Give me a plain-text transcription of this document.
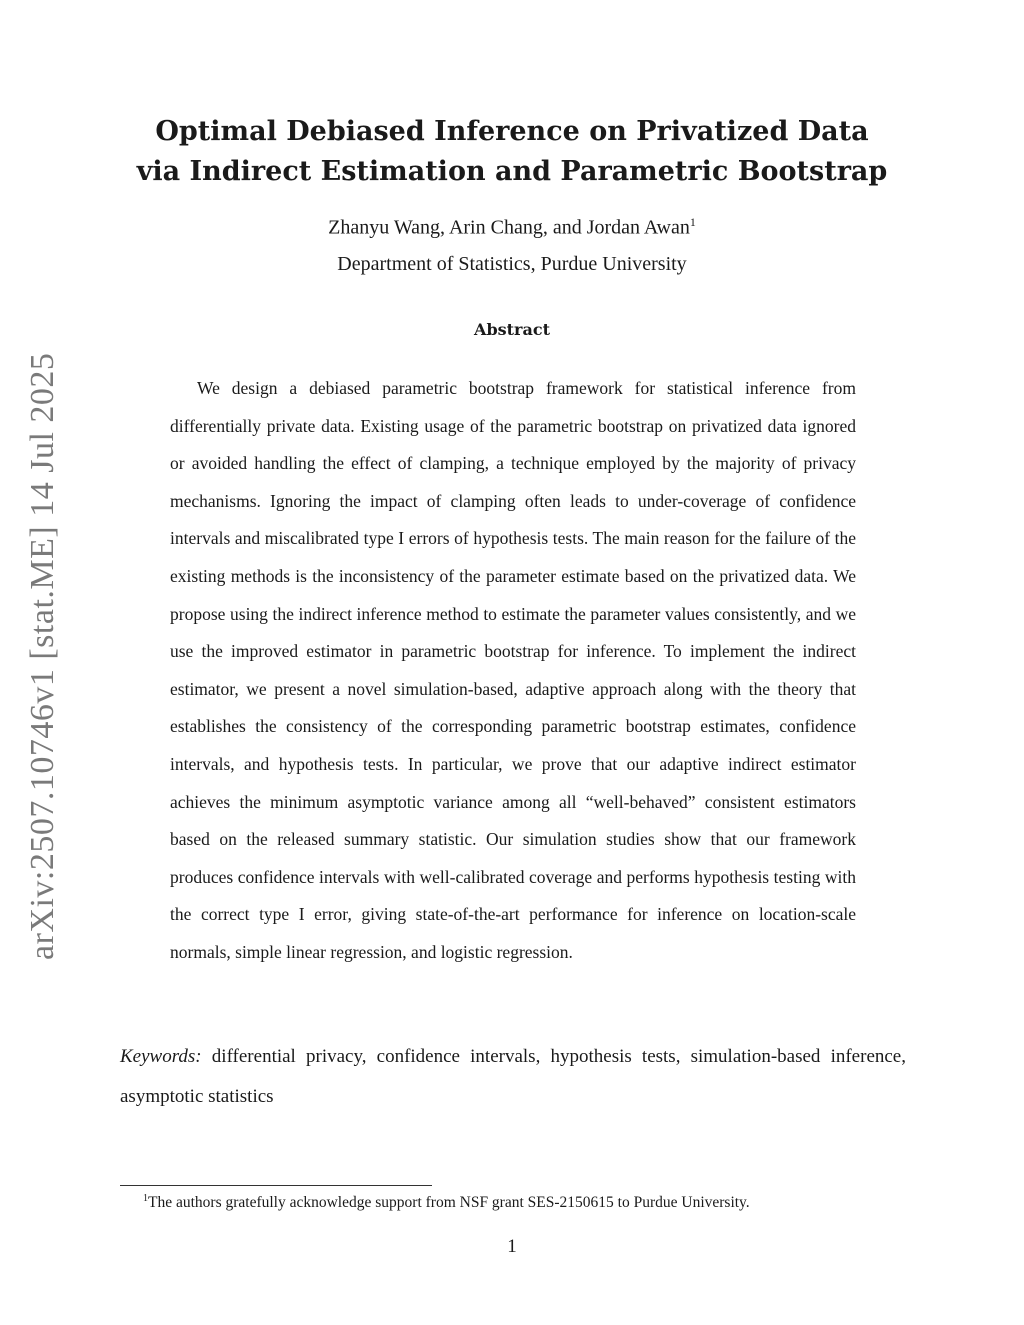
arXiv:2507.10746v1 [stat.ME] 14 Jul 2025
Optimal Debiased Inference on Privatized Data
via Indirect Estimation and Parametric Bootstrap
Zhanyu Wang, Arin Chang, and Jordan Awan$^1$
Department of Statistics, Purdue University
Abstract
We design a debiased parametric bootstrap framework for statistical inference from differentially private data. Existing usage of the parametric bootstrap on privatized data ignored or avoided handling the effect of clamping, a technique employed by the majority of privacy mechanisms. Ignoring the impact of clamping often leads to under-coverage of confidence intervals and miscalibrated type I errors of hypothesis tests. The main reason for the failure of the existing methods is the inconsistency of the parameter estimate based on the privatized data. We propose using the indirect inference method to estimate the parameter values consistently, and we use the improved estimator in parametric bootstrap for inference. To implement the indirect estimator, we present a novel simulation-based, adaptive approach along with the theory that establishes the consistency of the corresponding parametric bootstrap estimates, confidence intervals, and hypothesis tests. In particular, we prove that our adaptive indirect estimator achieves the minimum asymptotic variance among all “well-behaved” consistent estimators based on the released summary statistic. Our simulation studies show that our framework produces confidence intervals with well-calibrated coverage and performs hypothesis testing with the correct type I error, giving state-of-the-art performance for inference on location-scale normals, simple linear regression, and logistic regression.
Keywords: differential privacy, confidence intervals, hypothesis tests, simulation-based inference, asymptotic statistics
$^1$The authors gratefully acknowledge support from NSF grant SES-2150615 to Purdue University.
1
